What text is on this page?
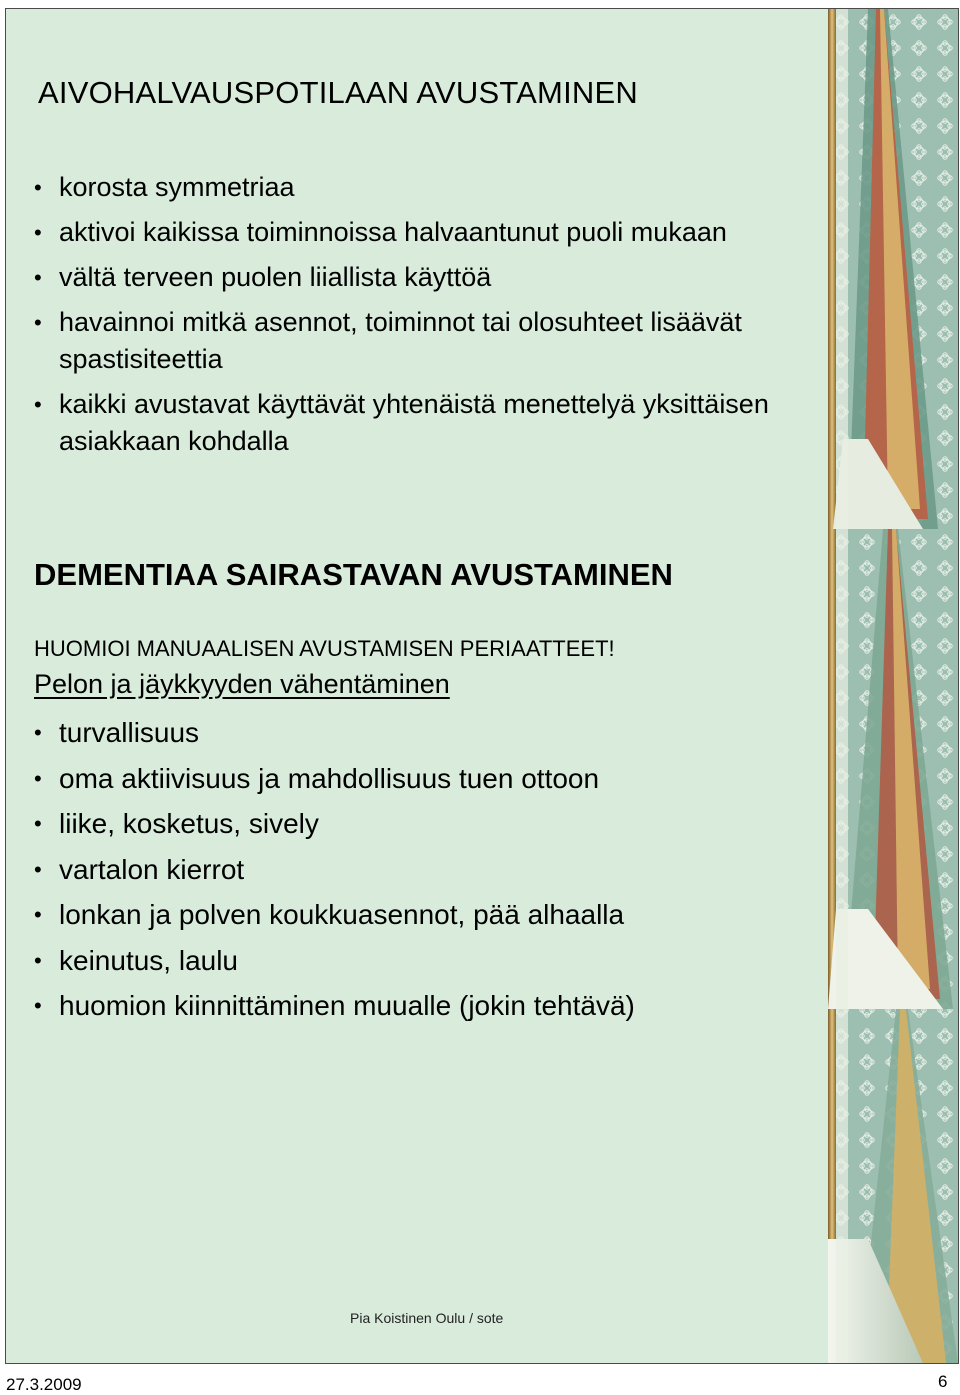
AIVOHALVAUSPOTILAAN AVUSTAMINEN
• korosta symmetriaa
• aktivoi kaikissa toiminnoissa halvaantunut puoli mukaan
• vältä terveen puolen liiallista käyttöä
• havainnoi mitkä asennot, toiminnot tai olosuhteet lisäävät spastisiteettia
• kaikki avustavat käyttävät yhtenäistä menettelyä yksittäisen asiakkaan kohdalla
DEMENTIAA SAIRASTAVAN AVUSTAMINEN
HUOMIOI MANUAALISEN AVUSTAMISEN PERIAATTEET!
Pelon ja jäykkyyden vähentäminen
• turvallisuus
• oma aktiivisuus ja mahdollisuus tuen ottoon
• liike, kosketus, sively
• vartalon kierrot
• lonkan ja polven koukkuasennot, pää alhaalla
• keinutus, laulu
• huomion kiinnittäminen muualle (jokin tehtävä)
Pia Koistinen Oulu / sote
27.3.2009	6
